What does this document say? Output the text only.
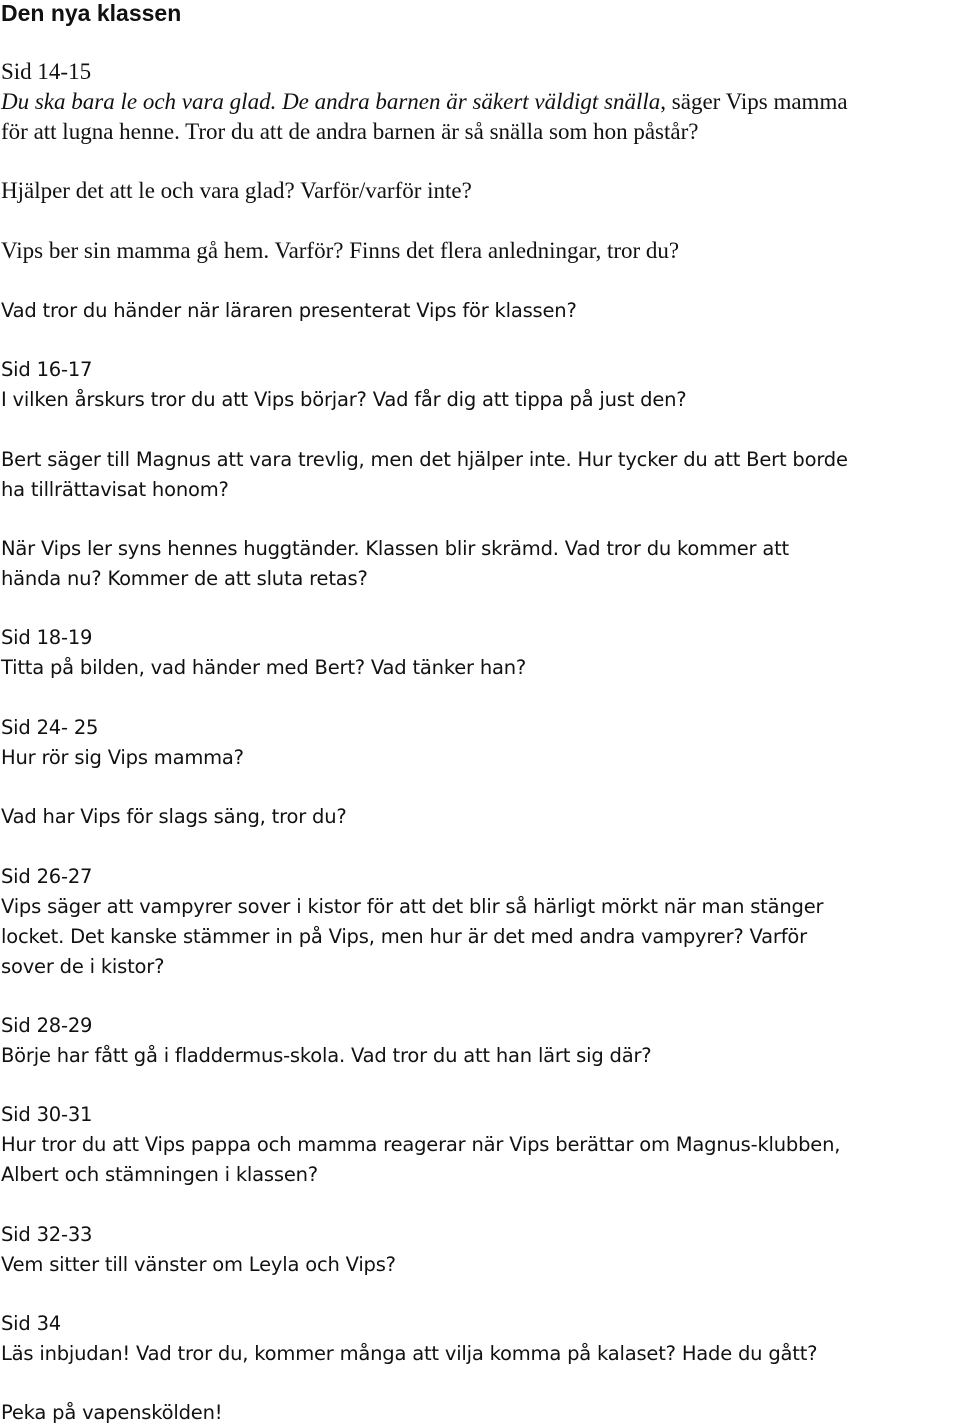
Den nya klassen
Sid 14-15
Du ska bara le och vara glad. De andra barnen är säkert väldigt snälla, säger Vips mamma
för att lugna henne. Tror du att de andra barnen är så snälla som hon påstår?
Hjälper det att le och vara glad? Varför/varför inte?
Vips ber sin mamma gå hem. Varför? Finns det flera anledningar, tror du?
Vad tror du händer när läraren presenterat Vips för klassen?
Sid 16-17
I vilken årskurs tror du att Vips börjar? Vad får dig att tippa på just den?
Bert säger till Magnus att vara trevlig, men det hjälper inte. Hur tycker du att Bert borde
ha tillrättavisat honom?
När Vips ler syns hennes huggtänder. Klassen blir skrämd. Vad tror du kommer att
hända nu? Kommer de att sluta retas?
Sid 18-19
Titta på bilden, vad händer med Bert? Vad tänker han?
Sid 24- 25
Hur rör sig Vips mamma?
Vad har Vips för slags säng, tror du?
Sid 26-27
Vips säger att vampyrer sover i kistor för att det blir så härligt mörkt när man stänger
locket. Det kanske stämmer in på Vips, men hur är det med andra vampyrer? Varför
sover de i kistor?
Sid 28-29
Börje har fått gå i fladdermus-skola. Vad tror du att han lärt sig där?
Sid 30-31
Hur tror du att Vips pappa och mamma reagerar när Vips berättar om Magnus-klubben,
Albert och stämningen i klassen?
Sid 32-33
Vem sitter till vänster om Leyla och Vips?
Sid 34
Läs inbjudan! Vad tror du, kommer många att vilja komma på kalaset? Hade du gått?
Peka på vapenskölden!
